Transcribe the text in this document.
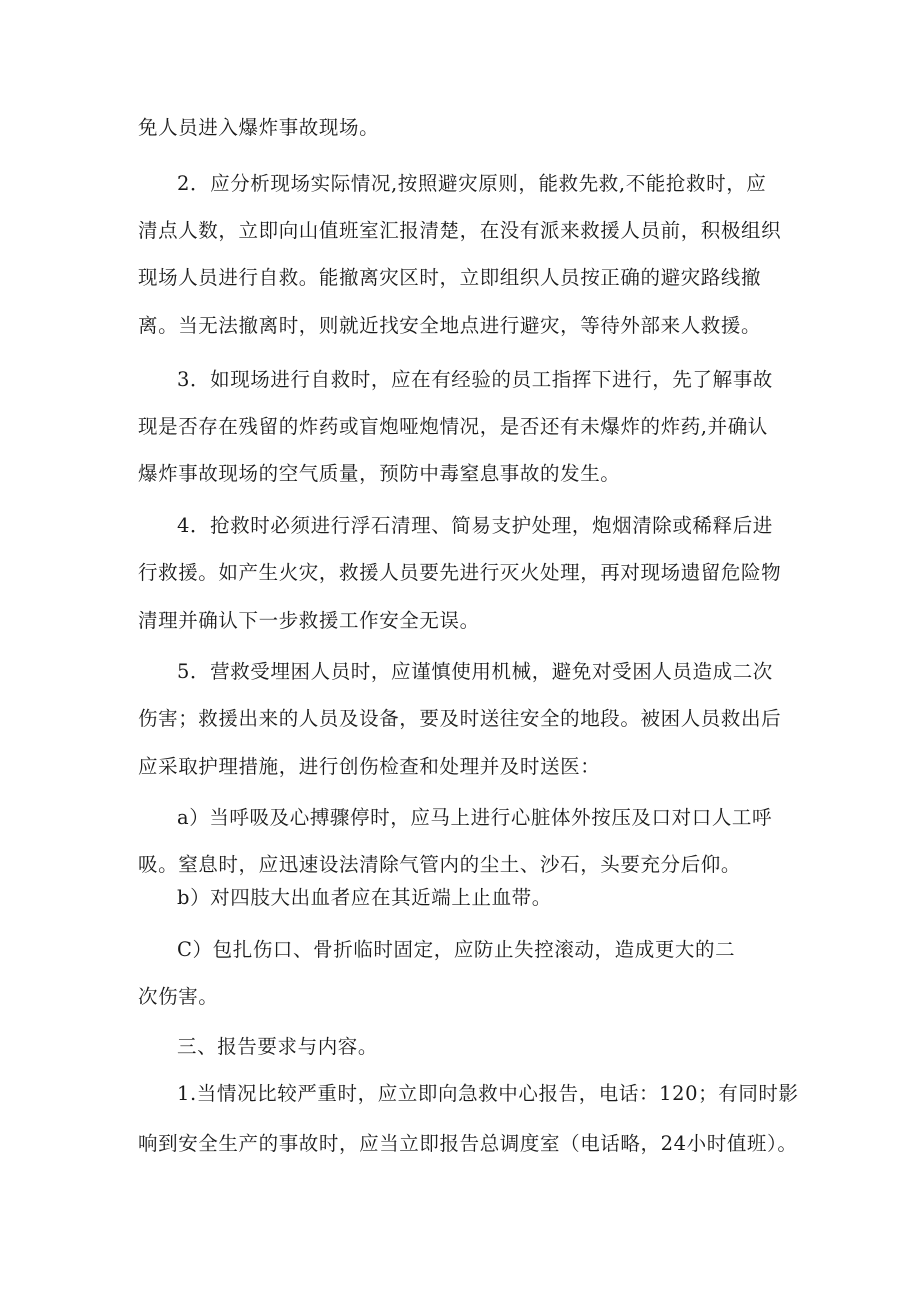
免人员进入爆炸事故现场。
2．应分析现场实际情况,按照避灾原则，能救先救,不能抢救时，应
清点人数，立即向山值班室汇报清楚，在没有派来救援人员前，积极组织
现场人员进行自救。能撤离灾区时，立即组织人员按正确的避灾路线撤
离。当无法撤离时，则就近找安全地点进行避灾，等待外部来人救援。
3．如现场进行自救时，应在有经验的员工指挥下进行，先了解事故
现是否存在残留的炸药或盲炮哑炮情况，是否还有未爆炸的炸药,并确认
爆炸事故现场的空气质量，预防中毒窒息事故的发生。
4．抢救时必须进行浮石清理、简易支护处理，炮烟清除或稀释后进
行救援。如产生火灾，救援人员要先进行灭火处理，再对现场遗留危险物
清理并确认下一步救援工作安全无误。
5．营救受埋困人员时，应谨慎使用机械，避免对受困人员造成二次
伤害；救援出来的人员及设备，要及时送往安全的地段。被困人员救出后
应采取护理措施，进行创伤检查和处理并及时送医：
a）当呼吸及心搏骤停时，应马上进行心脏体外按压及口对口人工呼
吸。窒息时，应迅速设法清除气管内的尘土、沙石，头要充分后仰。
b）对四肢大出血者应在其近端上止血带。
C）包扎伤口、骨折临时固定，应防止失控滚动，造成更大的二
次伤害。
三、报告要求与内容。
1.当情况比较严重时，应立即向急救中心报告，电话：120；有同时影
响到安全生产的事故时，应当立即报告总调度室（电话略，24小时值班）。
